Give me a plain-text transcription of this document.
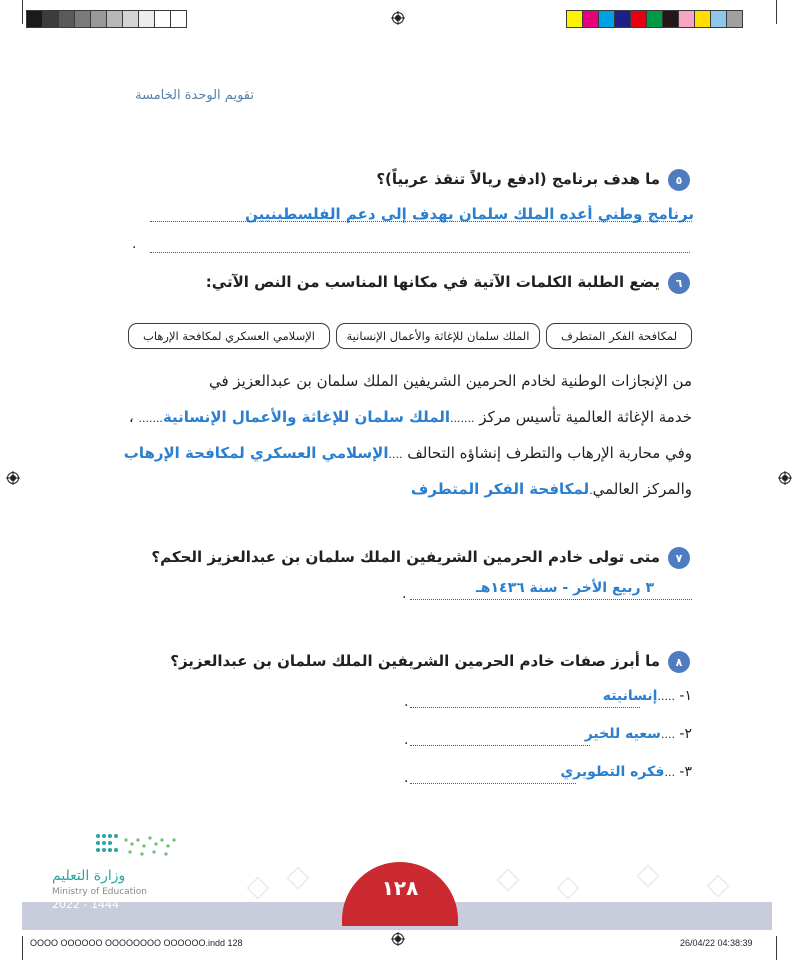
تقويم الوحدة الخامسة
٥
ما هدف برنامج (ادفع ريالاً تنقذ عربياً)؟
برنامج وطني أعده الملك سلمان يهدف إلى دعم الفلسطينيين
.
٦
يضع الطلبة الكلمات الآتية في مكانها المناسب من النص الآتي:
لمكافحة الفكر المتطرف
الملك سلمان للإغاثة والأعمال الإنسانية
الإسلامي العسكري لمكافحة الإرهاب
من الإنجازات الوطنية لخادم الحرمين الشريفين الملك سلمان بن عبدالعزيز في
خدمة الإغاثة العالمية تأسيس مركز .......الملك سلمان للإغاثة والأعمال الإنسانية....... ،
وفي محاربة الإرهاب والتطرف إنشاؤه التحالف ....الإسلامي العسكري لمكافحة الإرهاب
والمركز العالمي.لمكافحة الفكر المتطرف
٧
متى تولى خادم الحرمين الشريفين الملك سلمان بن عبدالعزيز الحكم؟
٣ ربيع الأخر - سنة ١٤٣٦هـ
.
٨
ما أبرز صفات خادم الحرمين الشريفين الملك سلمان بن عبدالعزيز؟
١- .....إنسانيته
.
٢- ....سعيه للخير
.
٣- ...فكره التطويري
.
١٢٨
وزارة التعليم
Ministry of Education
2022 - 1444
OOOO OOOOOO OOOOOOOO OOOOOO.indd 128	26/04/22 04:38:39
